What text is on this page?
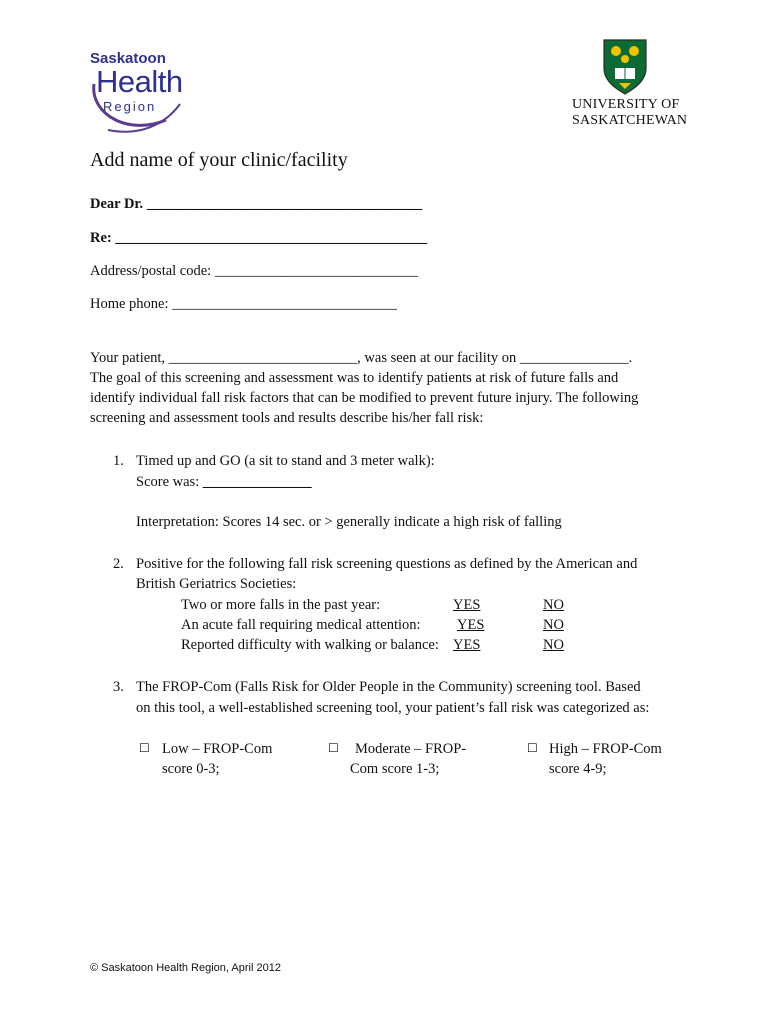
Saskatoon
Health
Region	UNIVERSITY OF
SASKATCHEWAN
Add name of your clinic/facility
Dear Dr. ______________________________________
Re: ___________________________________________
Address/postal code: ____________________________
Home phone: _______________________________
Your patient, __________________________, was seen at our facility on _______________.
The goal of this screening and assessment was to identify patients at risk of future falls and
identify individual fall risk factors that can be modified to prevent future injury. The following
screening and assessment tools and results describe his/her fall risk:
1. Timed up and GO (a sit to stand and 3 meter walk):
Score was: _______________
Interpretation: Scores 14 sec. or > generally indicate a high risk of falling
2. Positive for the following fall risk screening questions as defined by the American and
British Geriatrics Societies:
Two or more falls in the past year:	YES	NO
An acute fall requiring medical attention:	YES	NO
Reported difficulty with walking or balance: YES	NO
3. The FROP-Com (Falls Risk for Older People in the Community) screening tool. Based
on this tool, a well-established screening tool, your patient’s fall risk was categorized as:
☐ Low – FROP-Com
score 0-3;
☐	Moderate – FROP-
Com score 1-3;
☐ High – FROP-Com
score 4-9;
© Saskatoon Health Region, April 2012
